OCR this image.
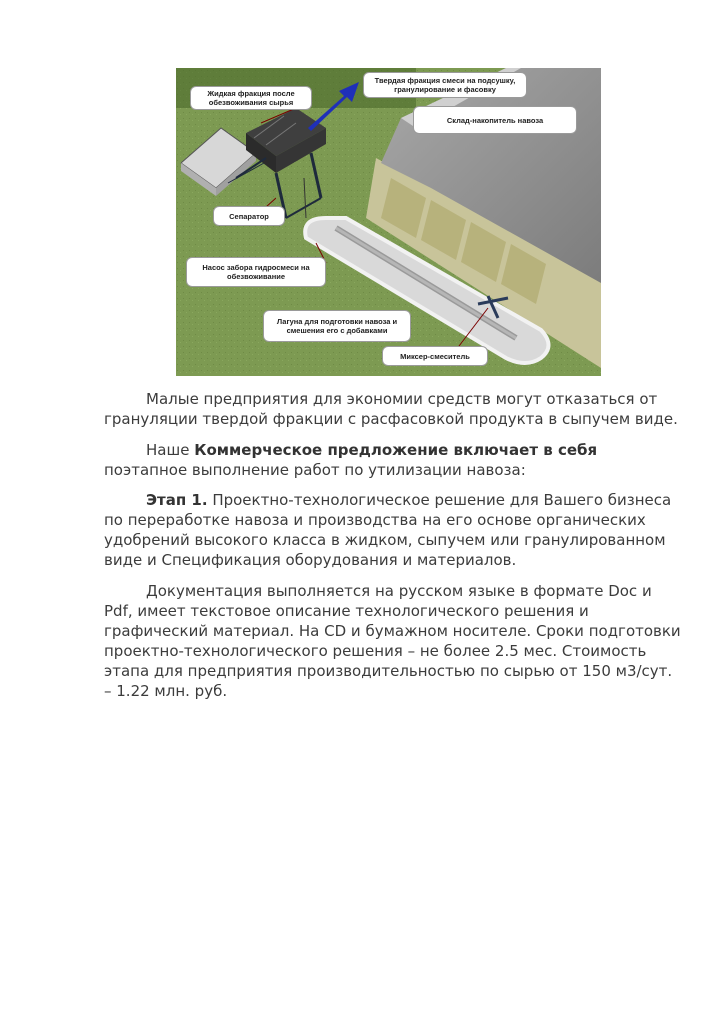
Жидкая фракция после обезвоживания сырья
Твердая фракция смеси на подсушку, гранулирование и фасовку
Склад-накопитель навоза
Сепаратор
Насос забора гидросмеси на обезвоживание
Лагуна для подготовки навоза и смешения его с добавками
Миксер-смеситель

Малые предприятия для экономии средств могут отказаться от грануляции твердой фракции с расфасовкой продукта в сыпучем виде.

Наше Коммерческое предложение включает в себя поэтапное выполнение работ по утилизации навоза:

Этап 1. Проектно-технологическое решение для Вашего бизнеса по переработке навоза и производства на его основе органических удобрений высокого класса в жидком, сыпучем или гранулированном виде и Спецификация оборудования и материалов.

Документация выполняется на русском языке в формате Doc и Pdf, имеет текстовое описание технологического решения и графический материал. На CD и бумажном носителе. Сроки подготовки проектно-технологического решения – не более 2.5 мес. Стоимость этапа для предприятия производительностью по сырью от 150 м3/сут. – 1.22 млн. руб.
